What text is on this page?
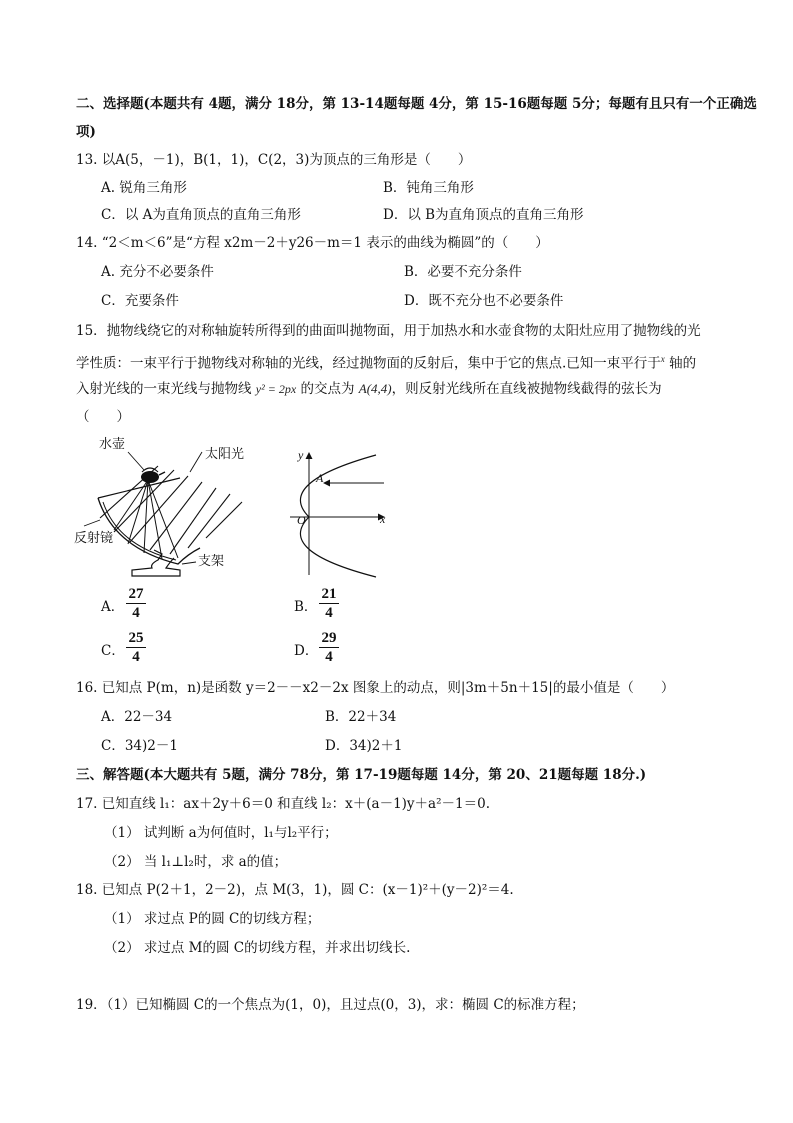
二、选择题(本题共有 4题，满分 18分，第 13-14题每题 4分，第 15-16题每题 5分；每题有且只有一个正确选
项)
13. 以A(5，－1)，B(1，1)，C(2，3)为顶点的三角形是（　　）
A. 锐角三角形	B．钝角三角形
C．以 A为直角顶点的直角三角形	D．以 B为直角顶点的直角三角形
14. “2＜m＜6”是“方程 x2m－2＋y26－m＝1 表示的曲线为椭圆”的（　　）
A. 充分不必要条件	B．必要不充分条件
C．充要条件	D．既不充分也不必要条件
15．抛物线绕它的对称轴旋转所得到的曲面叫抛物面，用于加热水和水壶食物的太阳灶应用了抛物线的光
学性质：一束平行于抛物线对称轴的光线，经过抛物面的反射后，集中于它的焦点.已知一束平行于$^x$ 轴的
入射光线的一束光线与抛物线 y² = 2px 的交点为 A(4,4)，则反射光线所在直线被抛物线截得的弦长为
（　　）
水壶
太阳光
反射镜
支架
y
x
O
A
A．
27
4	B．
21
4
C．
25
4	D．
29
4
16. 已知点 P(m，n)是函数 y＝2－－x2－2x 图象上的动点，则|3m＋5n＋15|的最小值是（　　）
A．22－34	B．22＋34
C．34)2－1	D．34)2＋1
三、解答题(本大题共有 5题，满分 78分，第 17-19题每题 14分，第 20、21题每题 18分.)
17. 已知直线 l₁：ax＋2y＋6＝0 和直线 l₂：x＋(a－1)y＋a²－1＝0.
（1） 试判断 a为何值时，l₁与l₂平行；
（2） 当 l₁⊥l₂时，求 a的值；
18. 已知点 P(2＋1，2－2)，点 M(3，1)，圆 C：(x－1)²＋(y－2)²＝4.
（1） 求过点 P的圆 C的切线方程；
（2） 求过点 M的圆 C的切线方程，并求出切线长.
19．（1）已知椭圆 C的一个焦点为(1，0)，且过点(0，3)，求：椭圆 C的标准方程；
